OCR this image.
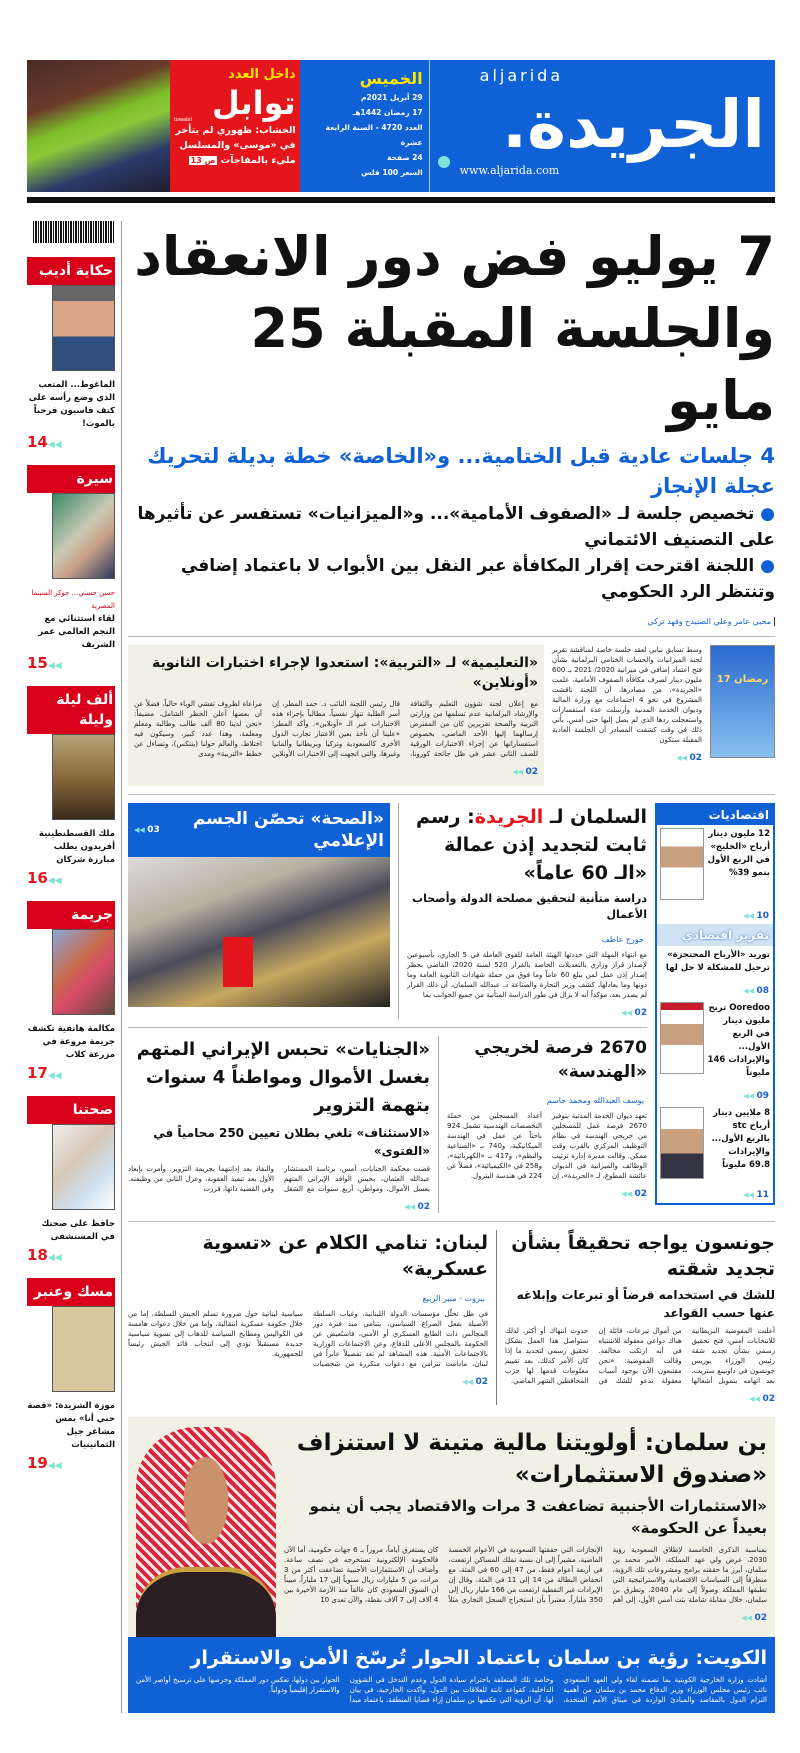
aljarida
الجريدة.
www.aljarida.com
الخميس
29 أبريل 2021م
17 رمضان 1442هـ
العدد 4720 - السنة الرابعة عشرة
24 صفحة
السعر 100 فلس
داخل العدد
توابل
towabil
الخشاب: ظهوري لم يتأخر في «موسى» والمسلسل مليء بالمفاجآت ص 13
7 يوليو فض دور الانعقاد
والجلسة المقبلة 25 مايو
4 جلسات عادية قبل الختامية... و«الخاصة» خطة بديلة لتحريك عجلة الإنجاز
● تخصيص جلسة لـ «الصفوف الأمامية»... و«الميزانيات» تستفسر عن تأثيرها على التصنيف الائتماني
● اللجنة اقترحت إقرار المكافأة عبر النقل بين الأبواب لا باعتماد إضافي وتنتظر الرد الحكومي
محيي عامر وعلي الصنيدح وفهد تركي
رمضان 17
وسط تسابق نيابي لعقد جلسة خاصة لمناقشة تقرير لجنة الميزانيات والحساب الختامي البرلمانية بشأن فتح اعتماد إضافي في ميزانية 2020/ 2021 بـ 600 مليون دينار لصرف مكافأة الصفوف الأمامية، علمت «الجريدة»، من مصادرها، أن اللجنة ناقشت المشروع في نحو 4 اجتماعات مع وزارة المالية وديوان الخدمة المدنية وأرسلت عدة استفسارات واستعجلت ردها الذي لم يصل إليها حتى أمس. يأتي ذلك في وقت كشفت المصادر أن الجلسة العادية المقبلة ستكون
02 ◀◀
«التعليمية» لـ «التربية»: استعدوا لإجراء اختبارات الثانوية «أونلاين»
مع إعلان لجنة شؤون التعليم والثقافة والإرشاد البرلمانية عدم تسلمها من وزارتي التربية والصحة تقريرين كان من المفترض إرسالهما إليها الأحد الماضي، بخصوص استفساراتها عن إجراء الاختبارات الورقية للصف الثاني عشر في ظل جائحة كورونا، قال رئيس اللجنة النائب د. حمد المطر، إن أسر الطلبة تنهار نفسياً، مطالباً بإجراء هذه الاختبارات عبر الـ «أونلاين». وأكد المطر: «علينا أن نأخذ بعين الاعتبار تجارب الدول الأخرى كالسعودية وتركيا وبريطانيا وألمانيا وغيرها، والتي اتجهت إلى الاختبارات الأونلاين مراعاة لظروف تفشي الوباء حالياً، فضلاً عن أن بعضها أعلن الحظر الشامل، مضيفاً: «نحن لدينا 80 ألف طالب وطالبة ومعلم ومعلمة، وهذا عدد كبير، وسيكون فيه اختلاط، والعالم حولنا (ينتكس)، وتساءل عن خطط «التربية» ومدى
02 ◀◀
اقتصاديات
12 مليون دينار أرباح «الخليج» في الربع الأول بنمو 39%
10 ◀◀
تقرير اقتصادي
توريد «الأرباح المحتجزة» ترحيل للمشكلة لا حل لها
08 ◀◀
Ooredoo تربح مليون دينار في الربع الأول... والإيرادات 146 مليوناً
09 ◀◀
8 ملايين دينار أرباح stc بالربع الأول... والإيرادات 69.8 مليوناً
11 ◀◀
السلمان لـ الجريدة: رسم ثابت لتجديد إذن عمالة «الـ 60 عاماً»
دراسة متأنية لتحقيق مصلحة الدولة وأصحاب الأعمال
جورج عاطف
مع انتهاء المهلة التي حددتها الهيئة العامة للقوى العاملة في 5 الجاري، بأسبوعين لإصدار قرار وزاري بالتعديلات الخاصة بالقرار 520 لسنة 2020، القاضي بحظر إصدار إذن عمل لمن يبلغ 60 عاماً وما فوق من حملة شهادات الثانوية العامة وما دونها وما يعادلها، كشف وزير التجارة والصناعة د. عبدالله السلمان، أن ذلك القرار لم يصدر بعد، مؤكداً أنه لا يزال في طور الدراسة المتأنية من جميع الجوانب بما
02 ◀◀
«الصحة» تحصّن الجسم الإعلامي
03 ◀◀
2670 فرصة لخريجي «الهندسة»
يوسف العبدالله ومحمد جاسم
تعهد ديوان الخدمة المدنية بتوفير 2670 فرصة عمل للمسجلين من خريجي الهندسة في نظام التوظيف المركزي بالقرب وقت ممكن. وقالت مديرة إدارة ترتيب الوظائف والميزانية في الديوان عائشة المطوع، لـ «الجريدة»، إن أعداد المسجلين من حملة التخصصات الهندسية تشمل 924 باحثاً عن عمل في الهندسة الميكانيكية، و740 بـ «الصناعية والنظم»، و417 بـ «الكهربائية»، و258 في «الكيميائية»، فضلاً عن 224 في هندسة البترول.
02 ◀◀
«الجنايات» تحبس الإيراني المتهم بغسل الأموال ومواطناً 4 سنوات بتهمة التزوير
«الاستئناف» تلغي بطلان تعيين 250 محامياً في «الفتوى»
قضت محكمة الجنايات، أمس، برئاسة المستشار عبدالله العثمان، بحبس الوافد الإيراني المتهم بغسل الأموال، ومواطن، أربع سنوات مع الشغل والنفاذ بعد إدانتهما بجريمة التزوير، وأمرت بإبعاد الأول بعد تنفيذ العقوبة، وعزل الثاني من وظيفته. وفي القضية ذاتها، قررت
02 ◀◀
جونسون يواجه تحقيقاً بشأن تجديد شقته
للشك في استخدامه قرضاً أو تبرعات وإبلاغه عنها حسب القواعد
أعلنت المفوضية البريطانية للانتخابات أمس، فتح تحقيق رسمي بشأن تجديد شقة رئيس الوزراء بوريس جونسون في داونينغ ستريت، بعد اتهامه بتمويل أشغالها من أموال تبرعات، قائلة إن هناك دواعي معقولة للاشتباه في أنه ارتكب مخالفة. وقالت المفوضية: «نحن مقتنعون الآن بوجود أسباب معقولة تدعو للشك في حدوث انتهاك أو أكثر، لذلك ستواصل هذا العمل بشكل تحقيق رسمي لتحديد ما إذا كان الأمر كذلك، بعد تقييم معلومات قدمها لها حزب المحافظين الشهر الماضي.
02 ◀◀
لبنان: تنامي الكلام عن «تسوية عسكرية»
بيروت - منير الربيع
في ظل تحلّل مؤسسات الدولة اللبنانية، وغياب السلطة الأصيلة بفعل الصراع السياسي، يتنامى منذ فترة دور المجالس ذات الطابع العسكري أو الأمني، فاستُعيض عن الحكومة بالمجلس الأعلى للدفاع، وعن الاجتماعات الوزارية بالاجتماعات الأمنية. هذه المشاهد لم تعد تفصيلاً عابراً في لبنان، مادامت تتزامن مع دعوات متكررة من شخصيات سياسية لبنانية حول ضرورة تسلم الجيش للسلطة، إما من خلال حكومة عسكرية انتقالية، وإما من خلال دعوات هامسة في الكواليس ومطابخ السياسة للذهاب إلى تسوية سياسية جديدة مستقبلاً تؤدي إلى انتخاب قائد الجيش رئيساً للجمهورية.
02 ◀◀
بن سلمان: أولويتنا مالية متينة لا استنزاف «صندوق الاستثمارات»
«الاستثمارات الأجنبية تضاعفت 3 مرات والاقتصاد يجب أن ينمو بعيداً عن الحكومة»
بمناسبة الذكرى الخامسة لإطلاق السعودية رؤية 2030، عرض ولي عهد المملكة، الأمير محمد بن سلمان، أبرز ما حققته برامج ومشروعات تلك الرؤية، متطرقاً إلى السياسات الاقتصادية والاستراتيجية التي تطبقها المملكة وصولاً إلى عام 2040. وتطرق بن سلمان، خلال مقابلة شاملة بثت أمس الأول، إلى أهم الإنجازات التي حققتها السعودية في الأعوام الخمسة الماضية، مشيراً إلى أن نسبة تملك المساكن ارتفعت، في أربعة أعوام فقط، من 47 إلى 60 في المئة، مع انخفاض البطالة من 14 إلى 11 في المئة. وقال إن الإيرادات غير النفطية ارتفعت من 166 مليار ريال إلى 350 ملياراً، معتبراً بأن استخراج السجل التجاري مثلاً كان يستغرق أياماً، مروراً بـ 6 جهات حكومية، أما الآن فالحكومة الإلكترونية تستخرجه في نصف ساعة. وأضاف أن الاستثمارات الأجنبية تضاعفت أكثر من 3 مرات، من 5 مليارات ريال سنوياً إلى 17 ملياراً، مبيناً أن السوق السعودي كان عالقاً منذ الأزمة الأخيرة بين 4 آلاف إلى 7 آلاف نقطة، والآن تعدى 10
02 ◀◀
الكويت: رؤية بن سلمان باعتماد الحوار تُرسّخ الأمن والاستقرار
أشادت وزارة الخارجية الكويتية بما تضمنه لقاء ولي العهد السعودي نائب رئيس مجلس الوزراء وزير الدفاع محمد بن سلمان من أهمية التزام الدول بالمقاصد والمبادئ الواردة في ميثاق الأمم المتحدة، وخاصة تلك المتعلقة باحترام سيادة الدول وعدم التدخل في الشؤون الداخلية، كقواعد ثابتة للعلاقات بين الدول. وأكدت الخارجية، في بيان لها، أن الرؤية التي عكسها بن سلمان إزاء قضايا المنطقة، باعتماد مبدأ الحوار بين دولها، تعكس دور المملكة وحرصها على ترسيخ أواصر الأمن والاستقرار إقليمياً ودولياً.
حكاية أديب
الماغوط... المتعب الذي وضع رأسه على كتف فاسيون فرحباً بالموت!
14 ◀◀
سيرة
حسن حسني... جوكر السينما المصرية
لقاء استثنائي مع النجم العالمي عمر الشريف
15 ◀◀
ألف ليلة وليلة
ملك القسطنطينية أفريدون يطلب مبارزة شركان
16 ◀◀
جريمة
مكالمة هاتفية تكشف جريمة مروعة في مزرعة كلاب
17 ◀◀
صحتنا
حافظ على صحتك في المستشفى
18 ◀◀
مسك وعنبر
موزة الشريدة: «قصة حبي أنا» يمس مشاعر جيل الثمانينيات
19 ◀◀
